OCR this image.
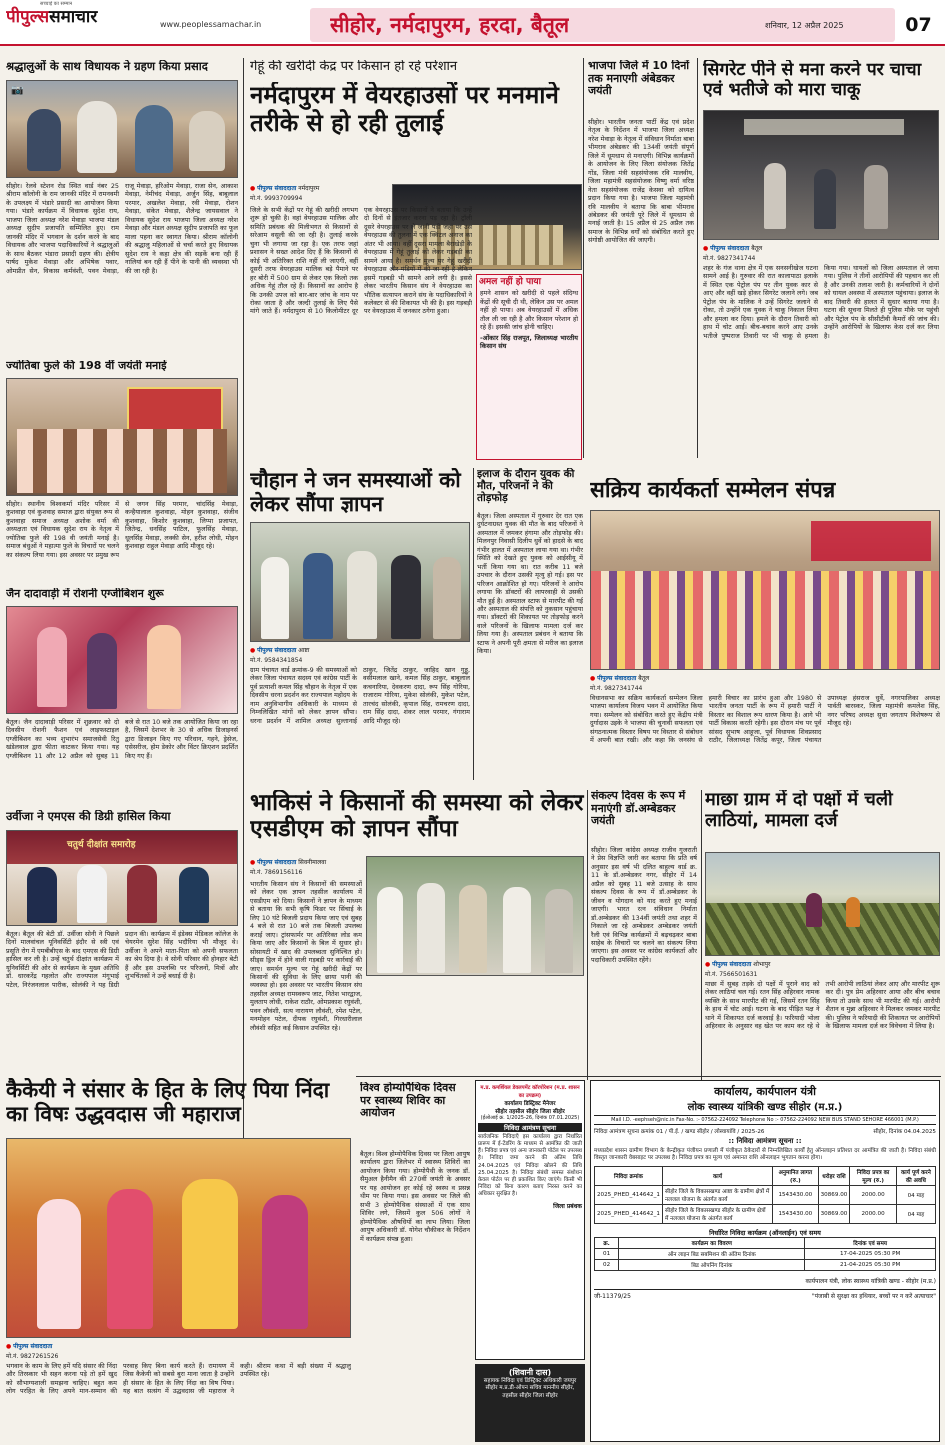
पीपुल्ससमाचार
सच्चाई का सम्मान
www.peoplessamachar.in	सीहोर, नर्मदापुरम, हरदा, बैतूल	शनिवार, 12 अप्रैल 2025	07
श्रद्धालुओं के साथ विधायक ने ग्रहण किया प्रसाद
📷
सीहोर। रेलवे स्टेशन रोड स्थित वार्ड नंबर 25 श्रीराम कॉलोनी के राम जानकी मंदिर में रामनवमी के उपलक्ष्य में भंडारे प्रसादी का आयोजन किया गया। भंडारे कार्यक्रम में विधायक सुदेश राय, भाजपा जिला अध्यक्ष नरेश मेवाड़ा भाजपा मंडल अध्यक्ष सुदीप प्रजापति सम्मिलित हुए। राम जानकी मंदिर में भगवान के दर्शन करने के बाद विधायक और भाजपा पदाधिकारियों ने श्रद्धालुओं के साथ बैठकर भंडारा प्रसादी ग्रहण की। क्षेत्रीय पार्षद मुकेश मेवाड़ा और अभिषेक पवार, ओमप्रीत सेन, विकास कर्मवंशी, पवन मेवाड़ा, राजू मेवाड़ा, हरिओम मेवाड़ा, राजा सेन, आकाश मेवाड़ा, नेमीचंद मेवाड़ा, अर्जुन सिंह, बाबूलाल परमार, अखलेश मेवाड़ा, रवी मेवाड़ा, रोशन मेवाड़ा, संकेत मेवाड़ा, शैलेन्द्र जायसवाल ने विधायक सुदेश राय भाजपा जिला अध्यक्ष नरेश मेवाड़ा और मंडल अध्यक्ष सुदीप प्रजापति का फूल माला पहना कर स्वागत किया। श्रीराम कॉलोनी की श्रद्धालु महिलाओं से चर्चा करते हुए विधायक सुदेश राय ने कहा क्षेत्र की सड़कें बना रही हैं नालियां बन रही हैं पीने के पानी की व्यवस्था भी की जा रही है।
ज्योतिबा फुले की 198 वीं जयंती मनाई
सीहोर। स्थानीय विश्वकर्मा मंदिर परिसर में कुशवाहा एवं कुशवाह समाज द्वारा संयुक्त रूप से कुशवाहा समाज अध्यक्ष अशोक वर्मा की अध्यक्षता एवं विधायक सुदेश राय के नेतृत्व में ज्योतिबा फुले की 198 वी जयंती मनाई है। समाज बंधुओं ने महात्मा फुले के विचारों पर चलने का संकल्प लिया गया। इस अवसर पर प्रमुख रूप से जगन सिंह परमार, चांदसिंह मेवाड़ा, कन्हैयालाल कुशवाहा, मोहन कुशवाहा, संजीव कुशवाहा, किशोर कुशवाहा, लिप्पा प्रजापत, जितेन्द्र, धनसिंह पाटिल, फूलसिंह मेवाड़ा, धूलसिंह मेवाड़ा, लक्की सेन, हरीश लोधी, मोहन कुशवाहा राहुल मेवाड़ा आदि मौजूद रहे।
जैन दादावाड़ी में रोशनी एग्जीबिशन शुरू
बैतूल। जैन दादावाड़ी परिसर में शुक्रवार को दो दिवसीय रोशनी फैशन एवं लाइफस्टाइल एग्जीबिशन का भव्य शुभारंभ समाजसेवी रितु खंडेलवाल द्वारा फीता काटकर किया गया। यह एग्जीबिशन 11 और 12 अप्रैल को सुबह 11 बजे से रात 10 बजे तक आयोजित किया जा रहा है, जिसमें देशभर के 30 से अधिक डिजाइनर्स द्वारा डिजाइन किए गए परिधान, गहने, ड्रेसेज, एसेसरीज, होम डेकोर और विंटर क्रिएशन प्रदर्शित किए गए हैं।
उर्वीजा ने एमएस की डिग्री हासिल किया
चतुर्थ दीक्षांत समारोह
बैतूल। बैतूल की बेटी डॉ. उर्वीजा सोनी ने पिछले दिनों मालवांचल यूनिवर्सिटी इंदौर से स्त्री एवं प्रसूति रोग में एमबीबीएस के बाद एमएस की डिग्री हासिल कर ली है। उन्हें चतुर्थ दीक्षांत कार्यक्रम में यूनिवर्सिटी की ओर से कार्यक्रम के मुख्य अतिथि डॉ. धारकरेंद्र गहलोत और राज्यपाल मंगूभाई पटेल, निरंजनलाल पारीक, सोलंकी ने यह डिग्री प्रदान की। कार्यक्रम में इंडेक्स मेडिकल कॉलेज के चेयरमेन सुरेश सिंह भदौरिया भी मौजूद थे। उर्वीजा ने अपने माता-पिता को अपनी सफलता का श्रेय दिया है। वे सोनी परिवार की होनहार बेटी हैं और इस उपलब्धि पर परिजनों, मित्रों और शुभचिंतकों ने उन्हें बधाई दी है।
कैकेयी ने संसार के हित के लिए पिया निंदा का विषः उद्धवदास जी महाराज
● पीपुल्स संवाददाता
मो.नं. 9827261526
भगवान के काम के लिए हमें यदि संसार की निंदा और तिरस्कार भी सहन करना पड़े तो हमें खुद को सौभाग्यशाली समझना चाहिए। बहुत कम लोग परहित के लिए अपने मान-सम्मान की परवाह किए बिना कार्य करते हैं। रामायण में जिस कैकेयी को सबसे बुरा माना जाता है उन्होंने ही संसार के हित के लिए निंदा का विष पिया। यह बात सत्संग में उद्धवदास जी महाराज ने कही। श्रीराम कथा में बड़ी संख्या में श्रद्धालु उपस्थित रहे।
गेहूं की खरीदी केंद्र पर किसान हो रहे परेशान
नर्मदापुरम में वेयरहाउसों पर मनमाने तरीके से हो रही तुलाई
● पीपुल्स संवाददाता नर्मदापुरम
मो.नं. 9993709994
जिले के सभी केंद्रों पर गेहूं की खरीदी लगभग शुरू हो चुकी है। वहां वेयरहाउस मालिक और समिति प्रबंधक की मिलीभगत से किसानों से सरेआम वसूली की जा रही है। तुलाई करके चुना भी लगाया जा रहा है। एक तरफ जहां प्रशासन ने सख्त आदेश दिए हैं कि किसानों से कोई भी अतिरिक्त राशि नहीं ली जाएगी, वहीं दूसरी तरफ वेयरहाउस मालिक बड़े पैमाने पर हर बोरी में 500 ग्राम से लेकर एक किलो तक अधिक गेहूं तौल रहे हैं। किसानों का आरोप है कि उनकी उपज को बार-बार जांच के नाम पर रोका जाता है और जल्दी तुलाई के लिए पैसे मांगे जाते हैं। नर्मदापुरम से 10 किलोमीटर दूर एक वेयरहाउस पर किसानों ने बताया कि उन्हें दो दिनों से इंतजार करना पड़ रहा है। ट्रॉली दूसरे वेयरहाउस पर ले जानी पड़ी जहां पर उस वेयरहाउस की तुलना में एक क्विंटल अनाज का अंतर भी आया। वहीं दूसरा मामला बैराखेड़ी के वेयरहाउस में गेहूं तुलाई को लेकर गड़बड़ी का सामने आया है। समर्थन मूल्य पर गेहूं खरीदी वेयरहाउस और मंडियों में की जा रही है लेकिन इसमें गड़बड़ी भी सामने आने लगी है। इससे लेकर भारतीय किसान संघ ने वेयरहाउस का भौतिक सत्यापन कराने संघ के पदाधिकारियों ने कलेक्टर से की शिकायत भी की है। इस गड़बड़ी पर वेयरहाउस में जनकार ठगेगा हुआ।
अमल नहीं हो पाया
हमने शासन को खरीदी से पहले संदिग्ध केंद्रों की सूची दी थी, लेकिन उस पर अमल नहीं हो पाया। अब वेयरहाउसों में अधिक तौल ली जा रही है और किसान परेशान हो रहे हैं। इसकी जांच होनी चाहिए।
-ओंकार सिंह राजपूत, जिलाध्यक्ष भारतीय किसान संघ
भाजपा जिले में 10 दिनों तक मनाएगी अंबेडकर जयंती
सीहोर। भारतीय जनता पार्टी केंद्र एवं प्रदेश नेतृत्व के निर्देशन में भाजपा जिला अध्यक्ष नरेश मेवाड़ा के नेतृत्व में संविधान निर्माता बाबा भीमराव अंबेडकर की 134वीं जयंती संपूर्ण जिले में धूमधाम से मनाएगी। विभिन्न कार्यक्रमों के आयोजन के लिए जिला संयोजक जितेंद्र गोंड, जिला मंत्री सहसंयोजक रवि मालवीय, जिला महामंत्री सहसंयोजक विष्णु वर्मा वरिष्ठ नेता सहसंयोजक राजेंद्र केसवा को दायित्व प्रदान किया गया है। भाजपा जिला महामंत्री रवि मालवीय ने बताया कि बाबा भीमराव अंबेडकर की जयंती पूरे जिले में धूमधाम से मनाई जाती है। 15 अप्रैल से 25 अप्रैल तक समाज के विभिन्न वर्गों को संबोधित करते हुए संगोष्ठी आयोजित की जाएगी।
सिगरेट पीने से मना करने पर चाचा एवं भतीजे को मारा चाकू
● पीपुल्स संवाददाता बैतूल
मो.नं. 9827341744
शहर के गंज थाना क्षेत्र में एक सनसनीखेज घटना सामने आई है। गुरुवार की रात कालापाठा इलाके में स्थित एक पेट्रोल पंप पर तीन युवक कार से आए और वहीं खड़े होकर सिगरेट जलाने लगे। जब पेट्रोल पंप के मालिक ने उन्हें सिगरेट जलाने से रोका, तो उन्होंने एक युवक ने चाकू निकाल लिया और हमला कर दिया। हमले के दौरान तिवारी को हाथ में चोट आई। बीच-बचाव करने आए उनके भतीजे पुष्पराज तिवारी पर भी चाकू से हमला किया गया। घायलों को जिला अस्पताल ले जाया गया। पुलिस ने तीनों आरोपियों की पहचान कर ली है और उनकी तलाश जारी है। कर्मचारियों ने दोनों को घायल अवस्था में अस्पताल पहुंचाया। इलाज के बाद तिवारी की हालत में सुधार बताया गया है। घटना की सूचना मिलते ही पुलिस मौके पर पहुंची और पेट्रोल पंप के सीसीटीवी कैमरों की जांच की। उन्होंने आरोपियों के खिलाफ केस दर्ज कर लिया है।
चौहान ने जन समस्याओं को लेकर सौंपा ज्ञापन
● पीपुल्स संवाददाता आष्टा
मो.नं. 9584341854
ग्राम पंचायत वार्ड क्रमांक-9 की समस्याओं को लेकर जिला पंचायत सदस्य एवं कांग्रेस पार्टी के पूर्व प्रत्याशी कमल सिंह चौहान के नेतृत्व में एक दिवसीय धरना प्रदर्शन कर राज्यपाल महोदय के नाम अनुविभागीय अधिकारी के माध्यम से निम्नलिखित मांगों को लेकर ज्ञापन सौंपा। धरना प्रदर्शन में शामिल अध्यक्ष सुल्तानाई ठाकुर, जितेंद्र ठाकुर, जाहिद खान गुड्डू, वसीमलाल खाने, कमल सिंह ठाकुर, बाबूलाल कचनारिया, देवकरण दादा, रूप सिंह गोरिया, राजाराम गोरिया, मुकेश सोलंकी, मुकेश पटेल, तारचंद सोलंकी, कृपाल सिंह, रामचरण दादा, राम सिंह दादा, शंकर लाल परमार, गंगाराम आदि मौजूद रहे।
इलाज के दौरान युवक की मौत, परिजनों ने की तोड़फोड़
बैतूल। जिला अस्पताल में गुरुवार देर रात एक दुर्घटनाग्रस्त युवक की मौत के बाद परिजनों ने अस्पताल में जमकर हंगामा और तोड़फोड़ की। मिलनपुर निवासी दिलीप धुर्वे को हादसे के बाद गंभीर हालत में अस्पताल लाया गया था। गंभीर स्थिति को देखते हुए युवक को आईसीयू में भर्ती किया गया था। रात करीब 11 बजे उपचार के दौरान उसकी मृत्यु हो गई। इस पर परिजन आक्रोशित हो गए। परिजनों ने आरोप लगाया कि डॉक्टरों की लापरवाही से उसकी मौत हुई है। अस्पताल स्टाफ से मारपीट की गई और अस्पताल की संपत्ति को नुकसान पहुंचाया गया। डॉक्टरों की शिकायत पर तोड़फोड़ करने वाले परिजनों के खिलाफ मामला दर्ज कर लिया गया है। अस्पताल प्रबंधन ने बताया कि स्टाफ ने अपनी पूरी क्षमता से मरीज का इलाज किया।
सक्रिय कार्यकर्ता सम्मेलन संपन्न
● पीपुल्स संवाददाता बैतूल
मो.नं. 9827341744
विधानसभा का सक्रिय कार्यकर्ता सम्मेलन जिला भाजपा कार्यालय विजय भवन में आयोजित किया गया। सम्मेलन को संबोधित करते हुए केंद्रीय मंत्री दुर्गादास उइके ने भाजपा की चुनावी सफलता एवं संगठनात्मक विस्तार विषय पर विस्तार से संबोधन में अपनी बात रखी। और कहा कि जनसंघ से हमारी विचार का प्रारंभ हुआ और 1980 से भारतीय जनता पार्टी के रूप में हमारी पार्टी ने विस्तार का विशाल रूप धारण किया है। आगे भी पार्टी विकास करती रहेगी। इस दौरान मंच पर पूर्व सांसद सुभाष आहूजा, पूर्व विधायक शिवप्रसाद राठौर, जिलाध्यक्ष जितेंद्र कपूर, जिला पंचायत उपाध्यक्ष हंसराज धुर्वे, नगरपालिका अध्यक्ष पार्वती बारस्कर, जिला महामंत्री कमलेश सिंह, नगर परिषद अध्यक्ष सुधा जगताप विशेषरूप से मौजूद रहे।
भाकिसं ने किसानों की समस्या को लेकर एसडीएम को ज्ञापन सौंपा
● पीपुल्स संवाददाता सिवनीमालवा
मो.नं. 7869156116
भारतीय किसान संघ ने किसानों की समस्याओं को लेकर एक ज्ञापन तहसील कार्यालय में एसडीएम को दिया। किसानों ने ज्ञापन के माध्यम से बताया कि सभी कृषि फिडर पर सिंचाई के लिए 10 घंटे बिजली प्रदाय किया जाए एवं सुबह 4 बजे से रात 10 बजे तक बिजली उपलब्ध कराई जाए। ट्रांसफार्मर पर अतिरिक्त लोड कम किया जाए और किसानों के बिल में सुधार हो। सोसायटी में खाद की उपलब्धता सुनिश्चित हो। सीड्स ड्रिल में होने वाली गड़बड़ी पर कार्रवाई की जाए। समर्थन मूल्य पर गेहूं खरीदी केंद्रों पर किसानों की सुविधा के लिए छाया पानी की व्यवस्था हो। इस अवसर पर भारतीय किसान संघ तहसील अध्यक्ष रामस्वरूप जाट, नितेश भारद्वाज, मुलताप लोधी, राकेश राठौर, ओमप्रकाश रघुवंशी, पवन लौवंशी, सत्य नारायण लौवंशी, रमेश पटेल, मनमोहन पटेल, दीपक रघुवंशी, गिरधारीलाल लौवंशी सहित कई किसान उपस्थित रहे।
संकल्प दिवस के रूप में मनाएंगी डॉ.अम्बेडकर जयंती
सीहोर। जिला कांग्रेस अध्यक्ष राजीव गुजराती ने प्रेस विज्ञप्ति जारी कर बताया कि प्रति वर्ष अनुसार इस वर्ष भी दलित बाहुल्य वार्ड क्र. 11 के डॉ.अम्बेडकर नगर, सीहोर में 14 अप्रैल को सुबह 11 बजे उत्साह के साथ संकल्प दिवस के रूप में डॉ.अम्बेडकर के जीवन व योगदान को याद करते हुए मनाई जाएगी। भारत रत्न संविधान निर्माता डॉ.अम्बेडकर की 134वीं जयंती तथा शहर में निकाले जा रहे अम्बेडकर अम्बेडकर जयंती रैली एवं विभिन्न कार्यक्रमों में बढ़चढ़कर बाबा साहेब के विचारों पर चलने का संकल्प लिया जाएगा। इस अवसर पर कांग्रेस कार्यकर्ता और पदाधिकारी उपस्थित रहेंगे।
माछा ग्राम में दो पक्षों में चली लाठियां, मामला दर्ज
● पीपुल्स संवाददाता शोभापुर
मो.नं. 7566501631
माछा में सुबह तड़के दो पक्षों में पुराने वाद को लेकर लाठियां चल गई। रतन सिंह अहिरवार नामक व्यक्ति के साथ मारपीट की गई, जिसमें रतन सिंह के हाथ में चोट आई। घटना के बाद पीड़ित पक्ष ने थाने में शिकायत दर्ज करवाई है। फरियादी भोला अहिरवार के अनुसार वह खेत पर काम कर रहे थे तभी आरोपी लाठियां लेकर आए और मारपीट शुरू कर दी। पुत्र प्रेम अहिरवार आया और बीच बचाव किया तो उसके साथ भी मारपीट की गई। आरोपी शैतान व मुन्ना अहिरवार ने मिलकर जमकर मारपीट की। पुलिस ने फरियादी की शिकायत पर आरोपियों के खिलाफ मामला दर्ज कर विवेचना में लिया है।
विश्व होम्योपैथिक दिवस पर स्वास्थ्य शिविर का आयोजन
बैतूल। विश्व होम्योपैथिक दिवस पर जिला आयुष कार्यालय द्वारा जिलेभर में स्वास्थ्य शिविरों का आयोजन किया गया। होम्योपैथी के जनक डॉ. सैमुअल हैनीमैन की 270वीं जयंती के अवसर पर यह आयोजन हर कोई रहे स्वस्थ व प्रसन्न थीम पर किया गया। इस अवसर पर जिले की सभी 3 होम्योपैथिक संस्थाओं में एक साथ शिविर लगे, जिसमें कुल 506 लोगों ने होम्योपैथिक औषधियों का लाभ लिया। जिला आयुष अधिकारी डॉ. योगेश चौकीकर के निर्देशन में कार्यक्रम संपन्न हुआ।
म.प्र. कमर्शियल डेवलपमेंट कॉरपोरेशन (म.प्र. शासन का उपक्रम)
कार्यालय डिस्ट्रिक्ट मैनेजर
सीहोर तहसील सीहोर जिला सीहोर
(ईओआई क्र. 1/2025-26, दिनांक 07.01.2025)
निविदा आमंत्रण सूचना
सार्वजनिक निविदाएँ इस कार्यालय द्वारा निर्धारित प्रारूप में ई-टेंडरिंग के माध्यम से आमंत्रित की जाती हैं। निविदा प्रपत्र एवं अन्य जानकारी पोर्टल पर उपलब्ध है। निविदा जमा करने की अंतिम तिथि 24.04.2025 एवं निविदा खोलने की तिथि 25.04.2025 है। निविदा संबंधी समस्त संशोधन केवल पोर्टल पर ही प्रकाशित किए जाएंगे। किसी भी निविदा को बिना कारण बताए निरस्त करने का अधिकार सुरक्षित है।
जिला प्रबंधक
(शिवानी दास)
सहायक निविदा एवं डिस्ट्रिक्ट अधिकारी जयपुर सीहोर म.प्र.डी-ओपन सचिव माननीय सीहोर, तहसील सीहोर जिला सीहोर
कार्यालय, कार्यपालन यंत्री
लोक स्वास्थ्य यांत्रिकी खण्ड सीहोर (म.प्र.)
Mail I.D. -eephseh@nic.in Fax-No. :- 07562-224092 Telephone No :- 07562-224092 NEW BUS STAND SEHORE 466001 (M.P.)
निविदा आमंत्रण सूचना क्रमांक 01 / पी.ई. / खण्ड सीहोर / लोस्वायांवि / 2025-26	सीहोर, दिनांक 04.04.2025
:: निविदा आमंत्रण सूचना ::
मध्यप्रदेश शासन ग्रामीण विभाग के केन्द्रीकृत पंजीयन प्रणाली में पंजीकृत ठेकेदारों से निम्नलिखित कार्यों हेतु ऑनलाइन प्रतिशत दर आमंत्रित की जाती है। निविदा संबंधी विस्तृत जानकारी वेबसाइट पर उपलब्ध है। निविदा प्रपत्र का मूल्य एवं अमानत राशि ऑनलाइन भुगतान करना होगा।
निविदा क्रमांक	कार्य	अनुमानित लागत (रु.)	धरोहर राशि	निविदा प्रपत्र का मूल्य (रु.)	कार्य पूर्ण करने की अवधि
2025_PHED_414642_1	सीहोर जिले के विकासखण्ड आष्टा के ग्रामीण क्षेत्रों में नलजल योजना के अंतर्गत कार्य	1543430.00	30869.00	2000.00	04 माह
2025_PHED_414642_1	सीहोर जिले के विकासखण्ड सीहोर के ग्रामीण क्षेत्रों में नलजल योजना के अंतर्गत कार्य	1543430.00	30869.00	2000.00	04 माह
निर्धारित निविदा कार्यक्रम (ऑनलाईन) एवं समय
क्र.	कार्यक्रम का विवरण	दिनांक एवं समय
01	ऑन लाइन बिड सबमिशन की अंतिम दिनांक	17-04-2025 05:30 PM
02	बिड ओपनिंग दिनांक	21-04-2025 05:30 PM
कार्यपालन यंत्री, लोक स्वास्थ्य यांत्रिकी खण्ड - सीहोर (म.प्र.)
जी-11379/25	"पंजाबी से सुरक्षा का हथियार, बच्चों पर न करें अत्याचार"
